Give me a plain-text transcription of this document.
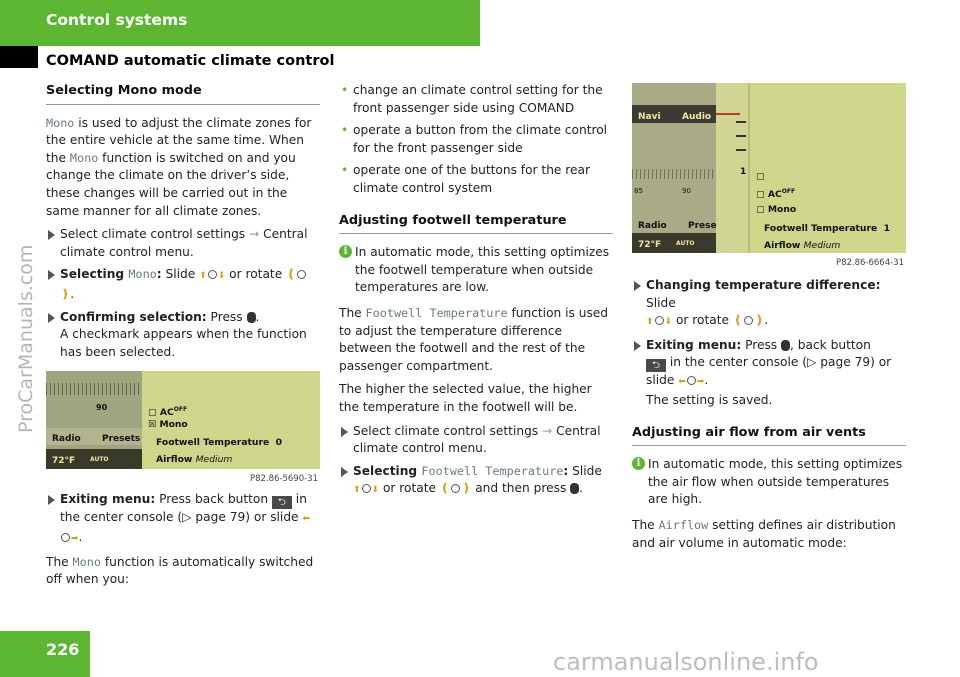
Control systems
COMAND automatic climate control
ProCarManuals.com
Selecting Mono mode

Mono is used to adjust the climate zones for the entire vehicle at the same time. When the Mono function is switched on and you change the climate on the driver’s side, these changes will be carried out in the same manner for all climate zones.

Select climate control settings → Central climate control menu.
Selecting Mono: Slide ⬆ ⬇ or rotate ❪❫.
Confirming selection: Press .
A checkmark appears when the function has been selected.
90	▢ $AC^{OFF}$
☒ Mono
Footwell Temperature 0
Airflow Medium
Radio Presets
72°F AUTO
P82.86-5690-31
Exiting menu: Press back button ⮌ in the center console (▷ page 79) or slide ⬅➡.

The Mono function is automatically switched off when you:

• change an climate control setting for the front passenger side using COMAND
• operate a button from the climate control for the front passenger side
• operate one of the buttons for the rear climate control system
Adjusting footwell temperature
i In automatic mode, this setting optimizes the footwell temperature when outside temperatures are low.

The Footwell Temperature function is used to adjust the temperature difference between the footwell and the rest of the passenger compartment.

The higher the selected value, the higher the temperature in the footwell will be.

Select climate control settings → Central climate control menu.
Selecting Footwell Temperature: Slide ⬆ ⬇ or rotate ❪ ❫ and then press .
Navi Audio
85	90
1 ▢
▢ $AC^{OFF}$
▢ Mono
Footwell Temperature 1
Airflow Medium
Radio Prese
72°F AUTO
P82.86-6664-31
Changing temperature difference: Slide
⬆ ⬇ or rotate ❪ ❫.
Exiting menu: Press , back button
⮌ in the center console (▷ page 79) or slide ⬅ ➡.
The setting is saved.
Adjusting air flow from air vents
i In automatic mode, this setting optimizes the air flow when outside temperatures are high.

The Airflow setting defines air distribution and air volume in automatic mode:

226	carmanualsonline.info
